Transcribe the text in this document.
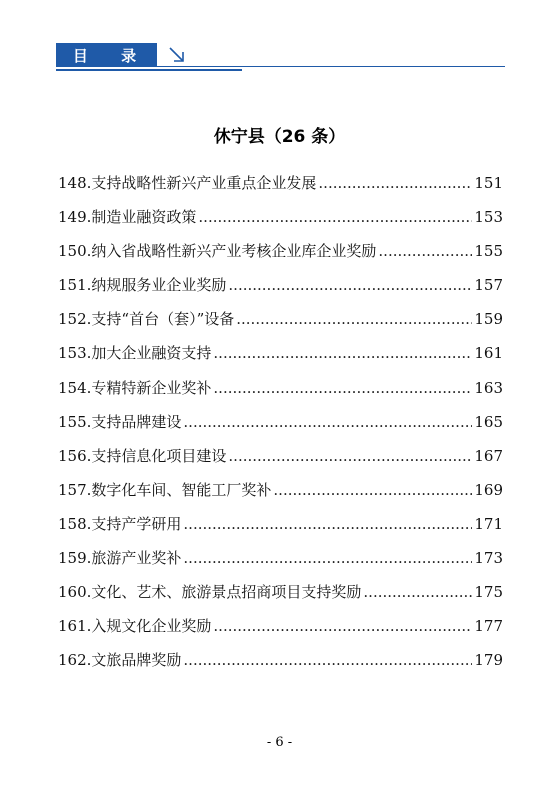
目 录
休宁县（26 条）
148.支持战略性新兴产业重点企业发展 .....	151
149.制造业融资政策 .....	153
150.纳入省战略性新兴产业考核企业库企业奖励 .....	155
151.纳规服务业企业奖励 .....	157
152.支持“首台（套）”设备 .....	159
153.加大企业融资支持 .....	161
154.专精特新企业奖补 .....	163
155.支持品牌建设 .....	165
156.支持信息化项目建设 .....	167
157.数字化车间、智能工厂奖补 .....	169
158.支持产学研用 .....	171
159.旅游产业奖补 .....	173
160.文化、艺术、旅游景点招商项目支持奖励 .....	175
161.入规文化企业奖励 .....	177
162.文旅品牌奖励 .....	179
- 6 -
